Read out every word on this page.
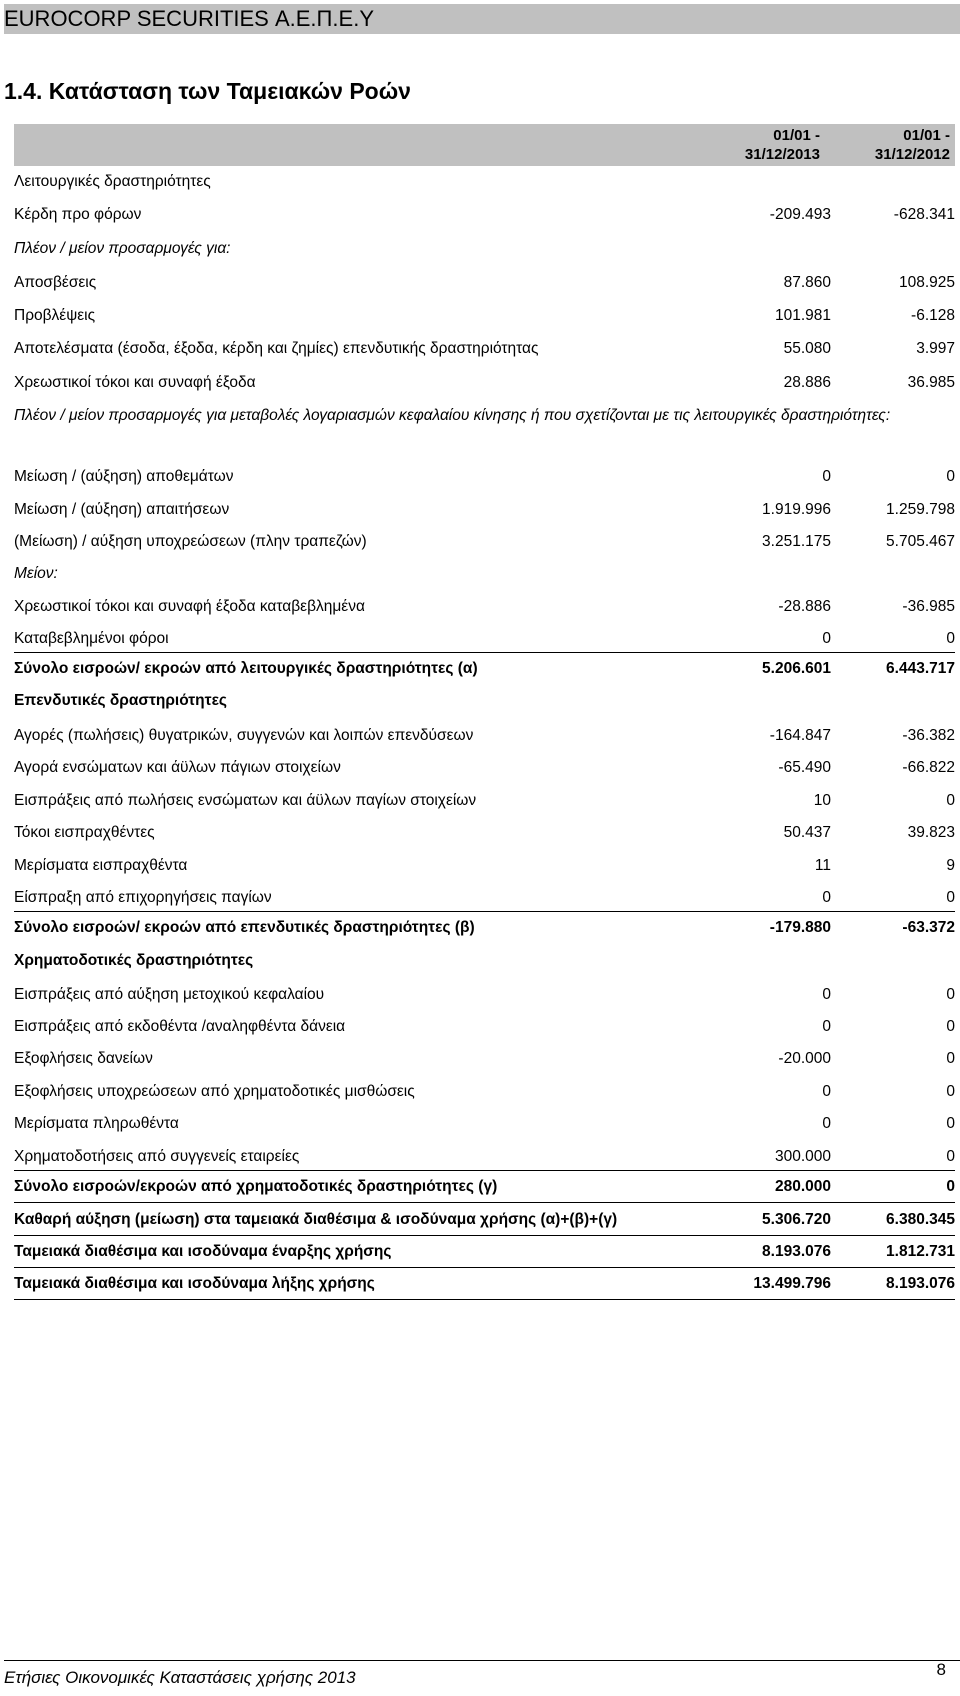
EUROCORP SECURITIES Α.Ε.Π.Ε.Υ
1.4. Κατάσταση των Ταμειακών Ροών
01/01 -
31/12/2013
01/01 -
31/12/2012
Λειτουργικές δραστηριότητες
Κέρδη προ φόρων	-209.493	-628.341
Πλέον / μείον προσαρμογές για:
Αποσβέσεις	87.860	108.925
Προβλέψεις	101.981	-6.128
Αποτελέσματα (έσοδα, έξοδα, κέρδη και ζημίες) επενδυτικής δραστηριότητας	55.080	3.997
Χρεωστικοί τόκοι και συναφή έξοδα	28.886	36.985
Πλέον / μείον προσαρμογές για μεταβολές λογαριασμών κεφαλαίου κίνησης ή που σχετίζονται με τις λειτουργικές δραστηριότητες:
Μείωση / (αύξηση) αποθεμάτων	0	0
Μείωση / (αύξηση) απαιτήσεων	1.919.996	1.259.798
(Μείωση) / αύξηση υποχρεώσεων (πλην τραπεζών)	3.251.175	5.705.467
Μείον:
Χρεωστικοί τόκοι και συναφή έξοδα καταβεβλημένα	-28.886	-36.985
Καταβεβλημένοι φόροι	0	0
Σύνολο εισροών/ εκροών από λειτουργικές δραστηριότητες (α)	5.206.601	6.443.717
Επενδυτικές δραστηριότητες
Αγορές (πωλήσεις) θυγατρικών, συγγενών και λοιπών επενδύσεων	-164.847	-36.382
Αγορά ενσώματων και άϋλων πάγιων στοιχείων	-65.490	-66.822
Εισπράξεις από πωλήσεις ενσώματων και άϋλων παγίων στοιχείων	10	0
Τόκοι εισπραχθέντες	50.437	39.823
Μερίσματα εισπραχθέντα	11	9
Είσπραξη από επιχορηγήσεις παγίων	0	0
Σύνολο εισροών/ εκροών από επενδυτικές δραστηριότητες (β)	-179.880	-63.372
Χρηματοδοτικές δραστηριότητες
Εισπράξεις από αύξηση μετοχικού κεφαλαίου	0	0
Εισπράξεις από εκδοθέντα /αναληφθέντα δάνεια	0	0
Εξοφλήσεις δανείων	-20.000	0
Εξοφλήσεις υποχρεώσεων από χρηματοδοτικές μισθώσεις	0	0
Μερίσματα πληρωθέντα	0	0
Χρηματοδοτήσεις από συγγενείς εταιρείες	300.000	0
Σύνολο εισροών/εκροών από χρηματοδοτικές δραστηριότητες (γ)	280.000	0
Καθαρή αύξηση (μείωση) στα ταμειακά διαθέσιμα & ισοδύναμα χρήσης (α)+(β)+(γ)	5.306.720	6.380.345
Ταμειακά διαθέσιμα και ισοδύναμα έναρξης χρήσης	8.193.076	1.812.731
Ταμειακά διαθέσιμα και ισοδύναμα λήξης χρήσης	13.499.796	8.193.076
Ετήσιες Οικονομικές Καταστάσεις χρήσης 2013	8
